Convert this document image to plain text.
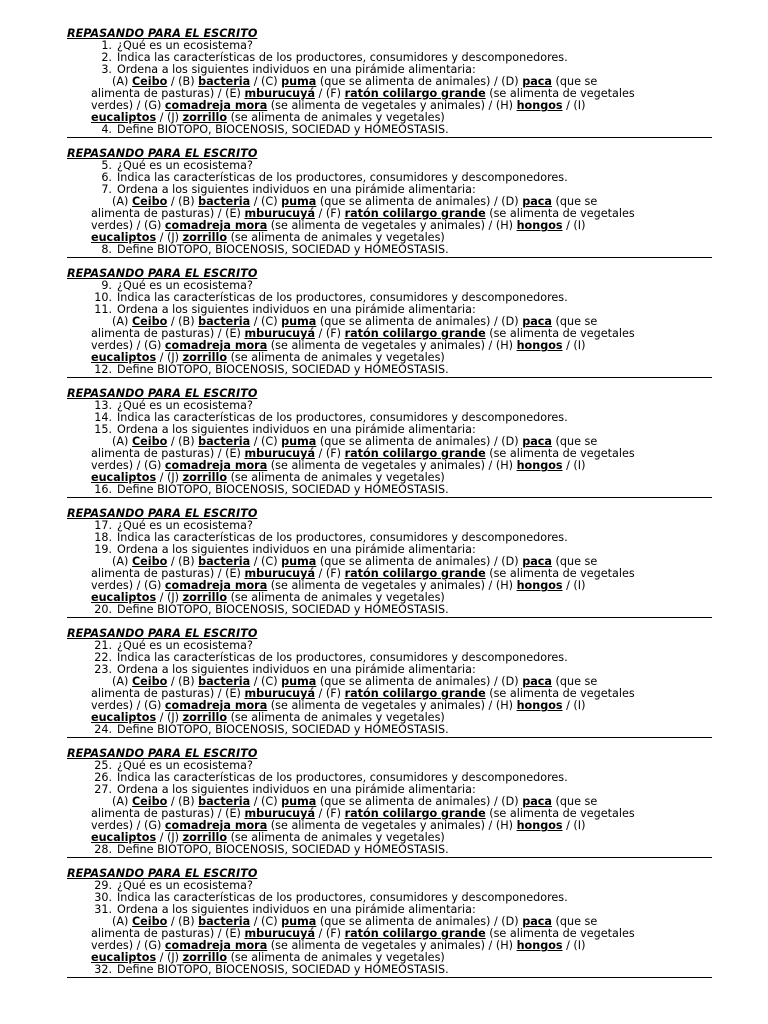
REPASANDO PARA EL ESCRITO
1. ¿Qué es un ecosistema?
2. Indica las características de los productores, consumidores y descomponedores.
3. Ordena a los siguientes individuos en una pirámide alimentaria:
(A) Ceibo / (B) bacteria / (C) puma (que se alimenta de animales) / (D) paca (que se
alimenta de pasturas) / (E) mburucuyá / (F) ratón colilargo grande (se alimenta de vegetales
verdes) / (G) comadreja mora (se alimenta de vegetales y animales) / (H) hongos / (I)
eucaliptos / (J) zorrillo (se alimenta de animales y vegetales)
4. Define BIOTOPO, BIOCENOSIS, SOCIEDAD y HOMEOSTASIS.
REPASANDO PARA EL ESCRITO
5. ¿Qué es un ecosistema?
6. Indica las características de los productores, consumidores y descomponedores.
7. Ordena a los siguientes individuos en una pirámide alimentaria:
(A) Ceibo / (B) bacteria / (C) puma (que se alimenta de animales) / (D) paca (que se
alimenta de pasturas) / (E) mburucuyá / (F) ratón colilargo grande (se alimenta de vegetales
verdes) / (G) comadreja mora (se alimenta de vegetales y animales) / (H) hongos / (I)
eucaliptos / (J) zorrillo (se alimenta de animales y vegetales)
8. Define BIOTOPO, BIOCENOSIS, SOCIEDAD y HOMEOSTASIS.
REPASANDO PARA EL ESCRITO
9. ¿Qué es un ecosistema?
10. Indica las características de los productores, consumidores y descomponedores.
11. Ordena a los siguientes individuos en una pirámide alimentaria:
(A) Ceibo / (B) bacteria / (C) puma (que se alimenta de animales) / (D) paca (que se
alimenta de pasturas) / (E) mburucuyá / (F) ratón colilargo grande (se alimenta de vegetales
verdes) / (G) comadreja mora (se alimenta de vegetales y animales) / (H) hongos / (I)
eucaliptos / (J) zorrillo (se alimenta de animales y vegetales)
12. Define BIOTOPO, BIOCENOSIS, SOCIEDAD y HOMEOSTASIS.
REPASANDO PARA EL ESCRITO
13. ¿Qué es un ecosistema?
14. Indica las características de los productores, consumidores y descomponedores.
15. Ordena a los siguientes individuos en una pirámide alimentaria:
(A) Ceibo / (B) bacteria / (C) puma (que se alimenta de animales) / (D) paca (que se
alimenta de pasturas) / (E) mburucuyá / (F) ratón colilargo grande (se alimenta de vegetales
verdes) / (G) comadreja mora (se alimenta de vegetales y animales) / (H) hongos / (I)
eucaliptos / (J) zorrillo (se alimenta de animales y vegetales)
16. Define BIOTOPO, BIOCENOSIS, SOCIEDAD y HOMEOSTASIS.
REPASANDO PARA EL ESCRITO
17. ¿Qué es un ecosistema?
18. Indica las características de los productores, consumidores y descomponedores.
19. Ordena a los siguientes individuos en una pirámide alimentaria:
(A) Ceibo / (B) bacteria / (C) puma (que se alimenta de animales) / (D) paca (que se
alimenta de pasturas) / (E) mburucuyá / (F) ratón colilargo grande (se alimenta de vegetales
verdes) / (G) comadreja mora (se alimenta de vegetales y animales) / (H) hongos / (I)
eucaliptos / (J) zorrillo (se alimenta de animales y vegetales)
20. Define BIOTOPO, BIOCENOSIS, SOCIEDAD y HOMEOSTASIS.
REPASANDO PARA EL ESCRITO
21. ¿Qué es un ecosistema?
22. Indica las características de los productores, consumidores y descomponedores.
23. Ordena a los siguientes individuos en una pirámide alimentaria:
(A) Ceibo / (B) bacteria / (C) puma (que se alimenta de animales) / (D) paca (que se
alimenta de pasturas) / (E) mburucuyá / (F) ratón colilargo grande (se alimenta de vegetales
verdes) / (G) comadreja mora (se alimenta de vegetales y animales) / (H) hongos / (I)
eucaliptos / (J) zorrillo (se alimenta de animales y vegetales)
24. Define BIOTOPO, BIOCENOSIS, SOCIEDAD y HOMEOSTASIS.
REPASANDO PARA EL ESCRITO
25. ¿Qué es un ecosistema?
26. Indica las características de los productores, consumidores y descomponedores.
27. Ordena a los siguientes individuos en una pirámide alimentaria:
(A) Ceibo / (B) bacteria / (C) puma (que se alimenta de animales) / (D) paca (que se
alimenta de pasturas) / (E) mburucuyá / (F) ratón colilargo grande (se alimenta de vegetales
verdes) / (G) comadreja mora (se alimenta de vegetales y animales) / (H) hongos / (I)
eucaliptos / (J) zorrillo (se alimenta de animales y vegetales)
28. Define BIOTOPO, BIOCENOSIS, SOCIEDAD y HOMEOSTASIS.
REPASANDO PARA EL ESCRITO
29. ¿Qué es un ecosistema?
30. Indica las características de los productores, consumidores y descomponedores.
31. Ordena a los siguientes individuos en una pirámide alimentaria:
(A) Ceibo / (B) bacteria / (C) puma (que se alimenta de animales) / (D) paca (que se
alimenta de pasturas) / (E) mburucuyá / (F) ratón colilargo grande (se alimenta de vegetales
verdes) / (G) comadreja mora (se alimenta de vegetales y animales) / (H) hongos / (I)
eucaliptos / (J) zorrillo (se alimenta de animales y vegetales)
32. Define BIOTOPO, BIOCENOSIS, SOCIEDAD y HOMEOSTASIS.
